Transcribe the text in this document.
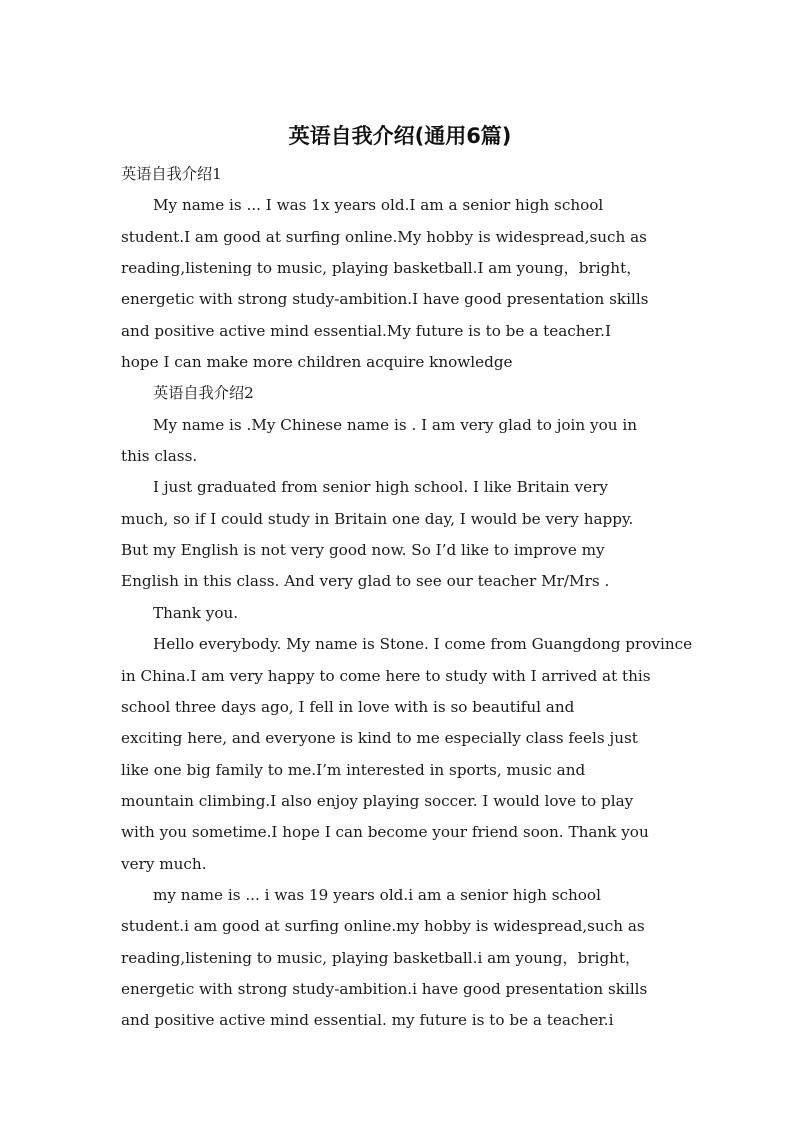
英语自我介绍(通用6篇)
英语自我介绍1
My name is ... I was 1x years old.I am a senior high school
student.I am good at surfing online.My hobby is widespread,such as
reading,listening to music, playing basketball.I am young，bright，
energetic with strong study-ambition.I have good presentation skills
and positive active mind essential.My future is to be a teacher.I
hope I can make more children acquire knowledge
英语自我介绍2
My name is .My Chinese name is . I am very glad to join you in
this class.
I just graduated from senior high school. I like Britain very
much, so if I could study in Britain one day, I would be very happy.
But my English is not very good now. So I’d like to improve my
English in this class. And very glad to see our teacher Mr/Mrs .
Thank you.
Hello everybody. My name is Stone. I come from Guangdong province
in China.I am very happy to come here to study with I arrived at this
school three days ago, I fell in love with is so beautiful and
exciting here, and everyone is kind to me especially class feels just
like one big family to me.I’m interested in sports, music and
mountain climbing.I also enjoy playing soccer. I would love to play
with you sometime.I hope I can become your friend soon. Thank you
very much.
my name is ... i was 19 years old.i am a senior high school
student.i am good at surfing online.my hobby is widespread,such as
reading,listening to music, playing basketball.i am young，bright，
energetic with strong study-ambition.i have good presentation skills
and positive active mind essential. my future is to be a teacher.i
